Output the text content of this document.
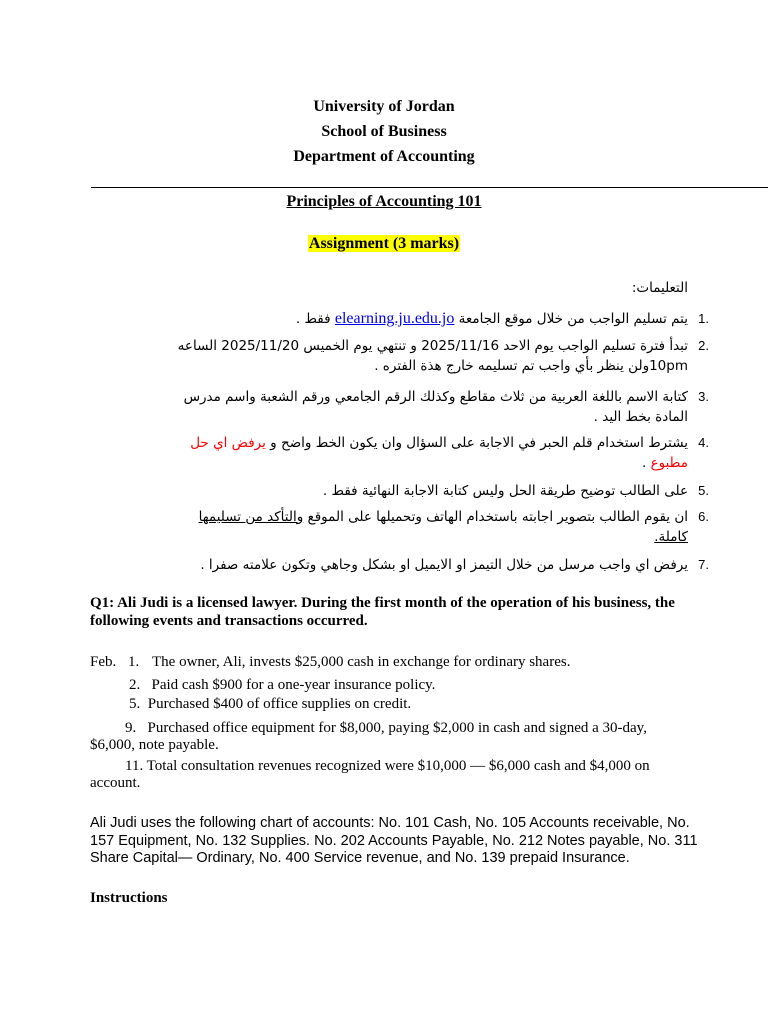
University of Jordan
School of Business
Department of Accounting
Principles of Accounting 101
Assignment (3 marks)
التعليمات:
1.
يتم تسليم الواجب من خلال موقع الجامعة elearning.ju.edu.jo فقط .
2.
تبدأ فترة تسليم الواجب يوم الاحد 2025/11/16 و تنتهي يوم الخميس 2025/11/20 الساعه
10pmولن ينظر بأي واجب تم تسليمه خارج هذة الفتره .
3.
كتابة الاسم باللغة العربية من ثلاث مقاطع وكذلك الرقم الجامعي ورقم الشعبة واسم مدرس
المادة بخط اليد .
4.
يشترط استخدام قلم الحبر في الاجابة على السؤال وان يكون الخط واضح و يرفض اي حل
مطبوع .
5.
على الطالب توضيح طريقة الحل وليس كتابة الاجابة النهائية فقط .
6.
ان يقوم الطالب بتصوير اجابته باستخدام الهاتف وتحميلها على الموقع والتأكد من تسليمها
كاملة.
7.
يرفض اي واجب مرسل من خلال التيمز او الايميل او بشكل وجاهي وتكون علامته صفرا .
Q1: Ali Judi is a licensed lawyer. During the first month of the operation of his business, the following events and transactions occurred.
Feb. 1. The owner, Ali, invests $25,000 cash in exchange for ordinary shares.
2.   Paid cash $900 for a one-year insurance policy.
5.  Purchased $400 of office supplies on credit.
9.   Purchased office equipment for $8,000, paying $2,000 in cash and signed a 30-day, $6,000, note payable.
11. Total consultation revenues recognized were $10,000 — $6,000 cash and $4,000 on account.
Ali Judi uses the following chart of accounts: No. 101 Cash, No. 105 Accounts receivable, No. 157 Equipment, No. 132 Supplies. No. 202 Accounts Payable, No. 212 Notes payable, No. 311 Share Capital— Ordinary, No. 400 Service revenue, and No. 139 prepaid Insurance.
Instructions
